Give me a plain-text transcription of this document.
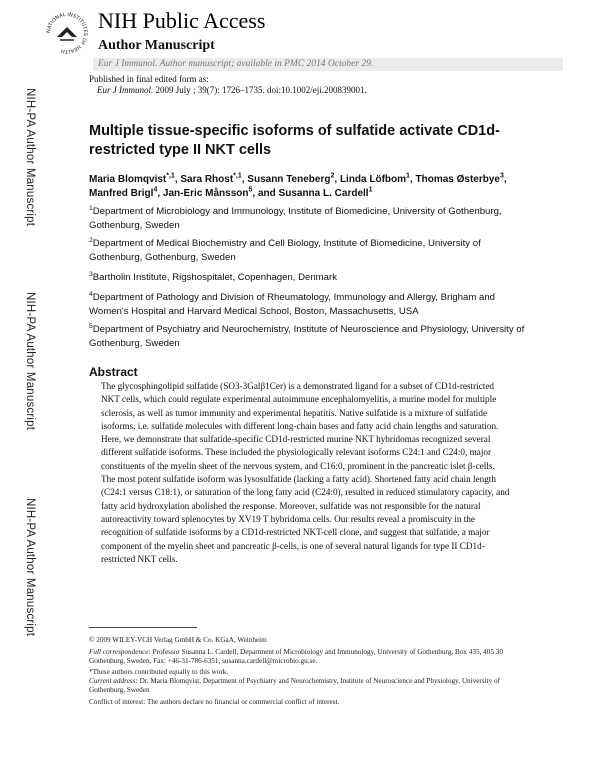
NIH-PA Author Manuscript
NIH-PA Author Manuscript
NIH-PA Author Manuscript
NATIONAL INSTITUTES OF HEALTH
NIH Public Access
Author Manuscript
Eur J Immunol. Author manuscript; available in PMC 2014 October 29.
Published in final edited form as:
Eur J Immunol. 2009 July ; 39(7): 1726–1735. doi:10.1002/eji.200839001.
Multiple tissue-specific isoforms of sulfatide activate CD1d-restricted type II NKT cells
Maria Blomqvist$^{*,1}$, Sara Rhost$^{*,1}$, Susann Teneberg$^2$, Linda Löfbom$^1$, Thomas Østerbye$^3$, Manfred Brigl$^4$, Jan-Eric Månsson$^5$, and Susanna L. Cardell$^1$
$^1$Department of Microbiology and Immunology, Institute of Biomedicine, University of Gothenburg, Gothenburg, Sweden
$^2$Department of Medical Biochemistry and Cell Biology, Institute of Biomedicine, University of Gothenburg, Gothenburg, Sweden
$^3$Bartholin Institute, Rigshospitalet, Copenhagen, Denmark
$^4$Department of Pathology and Division of Rheumatology, Immunology and Allergy, Brigham and Women's Hospital and Harvard Medical School, Boston, Massachusetts, USA
$^5$Department of Psychiatry and Neurochemistry, Institute of Neuroscience and Physiology, University of Gothenburg, Sweden
Abstract
The glycosphingolipid sulfatide (SO3-3Galβ1Cer) is a demonstrated ligand for a subset of CD1d-restricted NKT cells, which could regulate experimental autoimmune encephalomyelitis, a murine model for multiple sclerosis, as well as tumor immunity and experimental hepatitis. Native sulfatide is a mixture of sulfatide isoforms, i.e. sulfatide molecules with different long-chain bases and fatty acid chain lengths and saturation. Here, we demonstrate that sulfatide-specific CD1d-restricted murine NKT hybridomas recognized several different sulfatide isoforms. These included the physiologically relevant isoforms C24:1 and C24:0, major constituents of the myelin sheet of the nervous system, and C16:0, prominent in the pancreatic islet β-cells. The most potent sulfatide isoform was lysosulfatide (lacking a fatty acid). Shortened fatty acid chain length (C24:1 versus C18:1), or saturation of the long fatty acid (C24:0), resulted in reduced stimulatory capacity, and fatty acid hydroxylation abolished the response. Moreover, sulfatide was not responsible for the natural autoreactivity toward splenocytes by XV19 T hybridoma cells. Our results reveal a promiscuity in the recognition of sulfatide isoforms by a CD1d-restricted NKT-cell clone, and suggest that sulfatide, a major component of the myelin sheet and pancreatic β-cells, is one of several natural ligands for type II CD1d-restricted NKT cells.
© 2009 WILEY-VCH Verlag GmbH & Co. KGaA, Weinheim
Full correspondence: Professor Susanna L. Cardell, Department of Microbiology and Immunology, University of Gothenburg, Box 435, 405 30 Gothenburg, Sweden, Fax: +46-31-786-6351, susanna.cardell@microbio.gu.se.
*These authors contributed equally to this work.
Current address: Dr. Maria Blomqvist, Department of Psychiatry and Neurochemistry, Institute of Neuroscience and Physiology, University of Gothenburg, Sweden
Conflict of interest: The authors declare no financial or commercial conflict of interest.
